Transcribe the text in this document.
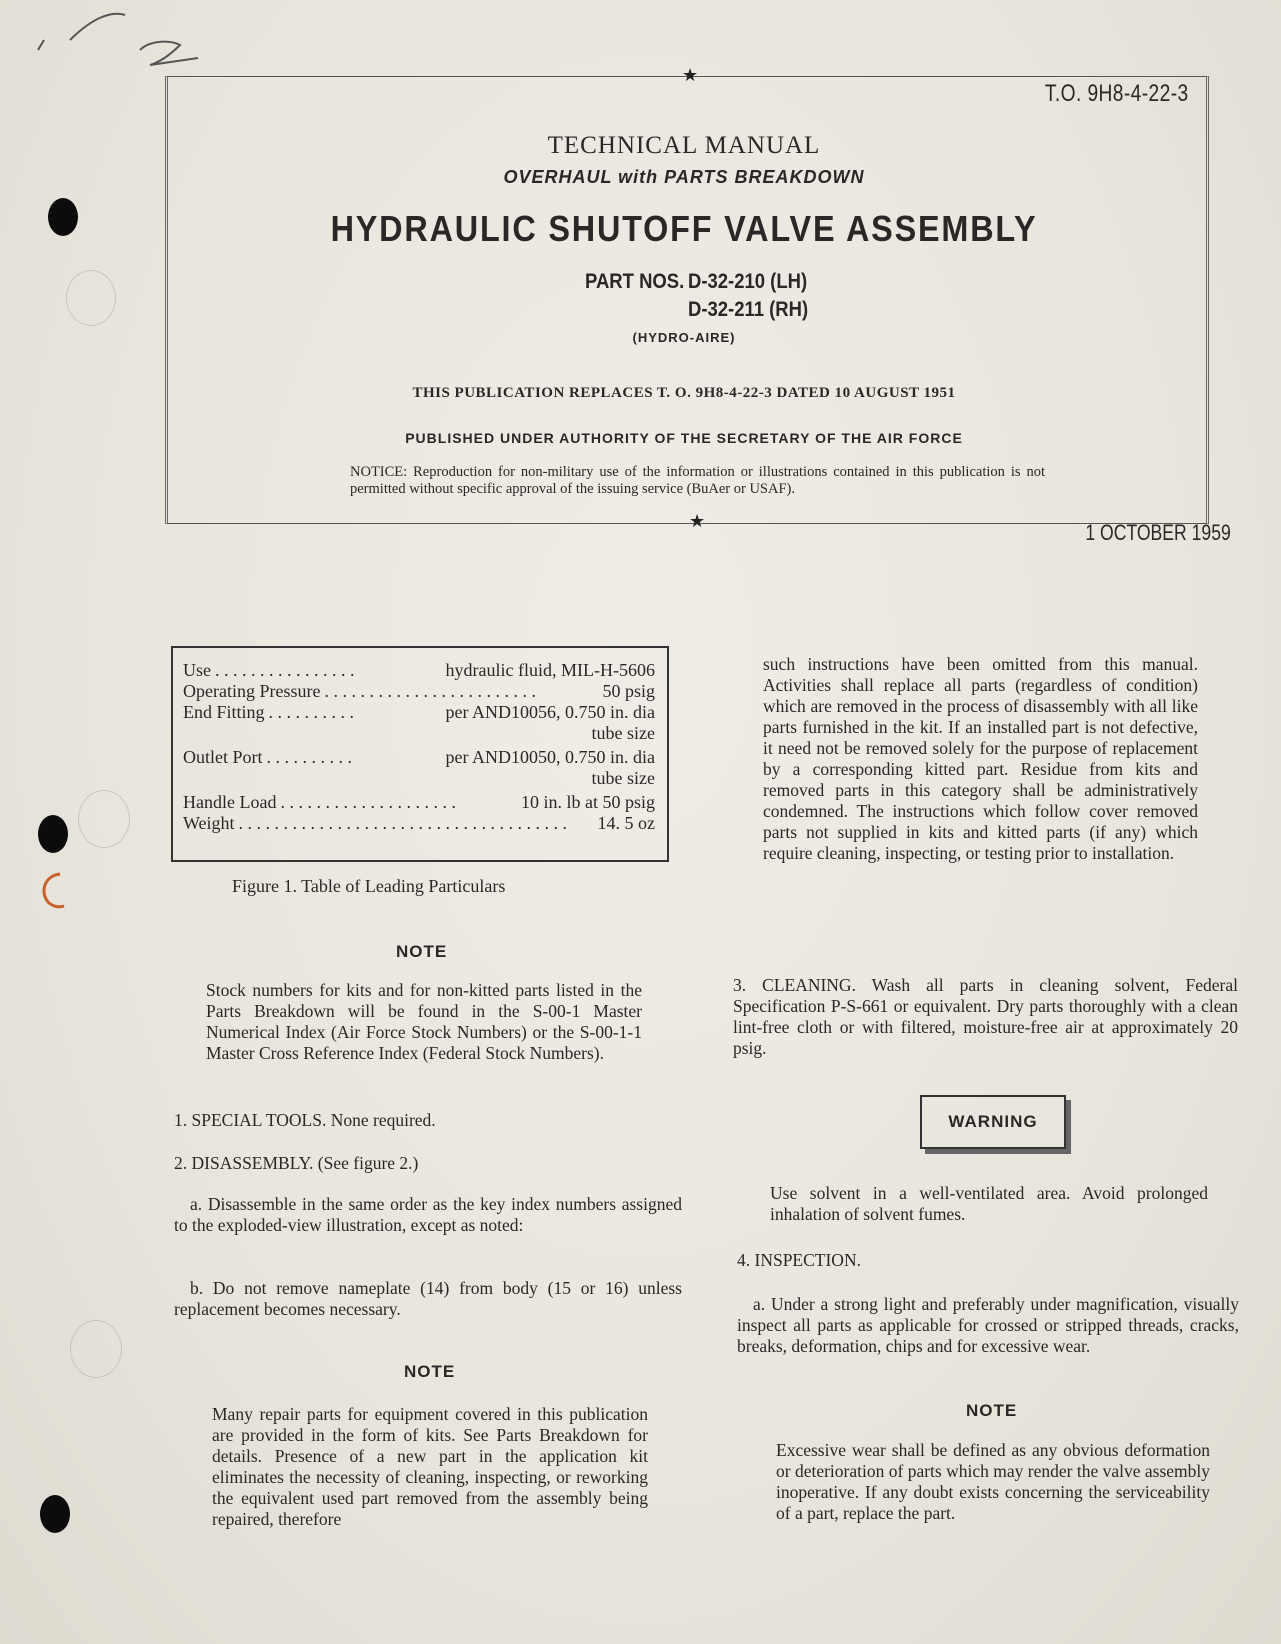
★
★
T.O. 9H8-4-22-3
TECHNICAL MANUAL
OVERHAUL with PARTS BREAKDOWN
HYDRAULIC SHUTOFF VALVE ASSEMBLY
PART NOS. D-32-210 (LH)
D-32-211 (RH)
(HYDRO-AIRE)
THIS PUBLICATION REPLACES T. O. 9H8-4-22-3 DATED 10 AUGUST 1951
PUBLISHED UNDER AUTHORITY OF THE SECRETARY OF THE AIR FORCE
NOTICE: Reproduction for non-military use of the information or illustrations contained in this publication is not permitted without specific approval of the issuing service (BuAer or USAF).
1 OCTOBER 1959
Use . . . . . . . . . . . . . . . .	hydraulic fluid, MIL-H-5606
Operating Pressure . . . . . . . . . . . . . . . . . . . . . . . .	50 psig
End Fitting . . . . . . . . . .	per AND10056, 0.750 in. dia
tube size
Outlet Port . . . . . . . . . .	per AND10050, 0.750 in. dia
tube size
Handle Load . . . . . . . . . . . . . . . . . . . .	10 in. lb at 50 psig
Weight . . . . . . . . . . . . . . . . . . . . . . . . . . . . . . . . . . . . .	14. 5 oz
Figure 1. Table of Leading Particulars
NOTE
Stock numbers for kits and for non-kitted parts listed in the Parts Breakdown will be found in the S-00-1 Master Numerical Index (Air Force Stock Numbers) or the S-00-1-1 Master Cross Reference Index (Federal Stock Numbers).
1. SPECIAL TOOLS. None required.
2. DISASSEMBLY. (See figure 2.)
a. Disassemble in the same order as the key index numbers assigned to the exploded-view illustration, except as noted:
b. Do not remove nameplate (14) from body (15 or 16) unless replacement becomes necessary.
NOTE
Many repair parts for equipment covered in this publication are provided in the form of kits. See Parts Breakdown for details. Presence of a new part in the application kit eliminates the necessity of cleaning, inspecting, or reworking the equivalent used part removed from the assembly being repaired, therefore
such instructions have been omitted from this manual. Activities shall replace all parts (regardless of condition) which are removed in the process of disassembly with all like parts furnished in the kit. If an installed part is not defective, it need not be removed solely for the purpose of replacement by a corresponding kitted part. Residue from kits and removed parts in this category shall be administratively condemned. The instructions which follow cover removed parts not supplied in kits and kitted parts (if any) which require cleaning, inspecting, or testing prior to installation.
3. CLEANING. Wash all parts in cleaning solvent, Federal Specification P-S-661 or equivalent. Dry parts thoroughly with a clean lint-free cloth or with filtered, moisture-free air at approximately 20 psig.
WARNING
Use solvent in a well-ventilated area. Avoid prolonged inhalation of solvent fumes.
4. INSPECTION.
a. Under a strong light and preferably under magnification, visually inspect all parts as applicable for crossed or stripped threads, cracks, breaks, deformation, chips and for excessive wear.
NOTE
Excessive wear shall be defined as any obvious deformation or deterioration of parts which may render the valve assembly inoperative. If any doubt exists concerning the serviceability of a part, replace the part.
